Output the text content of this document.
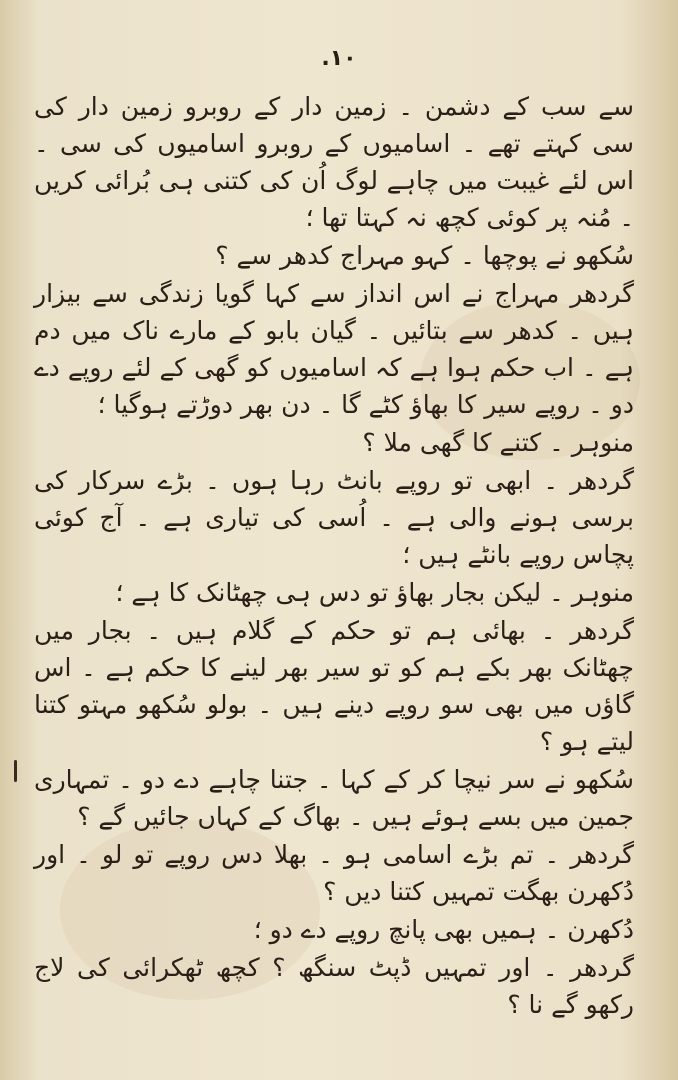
.١٠

سے سب کے دشمن ۔ زمین دار کے روبرو زمین دار کی سی کہتے تھے ۔ اسامیوں کے روبرو اسامیوں کی سی ۔ اس لئے غیبت میں چاہے لوگ اُن کی کتنی ہی بُرائی کریں ۔ مُنہ پر کوئی کچھ نہ کہتا تھا ؛

سُکھو نے پوچھا ۔ کہو مہراج کدھر سے ؟

گردھر مہراج نے اس انداز سے کہا گویا زندگی سے بیزار ہیں ۔ کدھر سے بتائیں ۔ گیان بابو کے مارے ناک میں دم ہے ۔ اب حکم ہوا ہے کہ اسامیوں کو گھی کے لئے روپے دے دو ۔ روپے سیر کا بھاؤ کٹے گا ۔ دن بھر دوڑتے ہوگیا ؛

منوہر ۔ کتنے کا گھی ملا ؟

گردھر ۔ ابھی تو روپے بانٹ رہا ہوں ۔ بڑے سرکار کی برسی ہونے والی ہے ۔ اُسی کی تیاری ہے ۔ آج کوئی پچاس روپے بانٹے ہیں ؛

منوہر ۔ لیکن بجار بھاؤ تو دس ہی چھٹانک کا ہے ؛

گردھر ۔ بھائی ہم تو حکم کے گلام ہیں ۔ بجار میں چھٹانک بھر بکے ہم کو تو سیر بھر لینے کا حکم ہے ۔ اس گاؤں میں بھی سو روپے دینے ہیں ۔ بولو سُکھو مہتو کتنا لیتے ہو ؟

سُکھو نے سر نیچا کر کے کہا ۔ جتنا چاہے دے دو ۔ تمہاری جمین میں بسے ہوئے ہیں ۔ بھاگ کے کہاں جائیں گے ؟

گردھر ۔ تم بڑے اسامی ہو ۔ بھلا دس روپے تو لو ۔ اور دُکھرن بھگت تمہیں کتنا دیں ؟

دُکھرن ۔ ہمیں بھی پانچ روپے دے دو ؛

گردھر ۔ اور تمہیں ڈپٹ سنگھ ؟ کچھ ٹھکرائی کی لاج رکھو گے نا ؟
